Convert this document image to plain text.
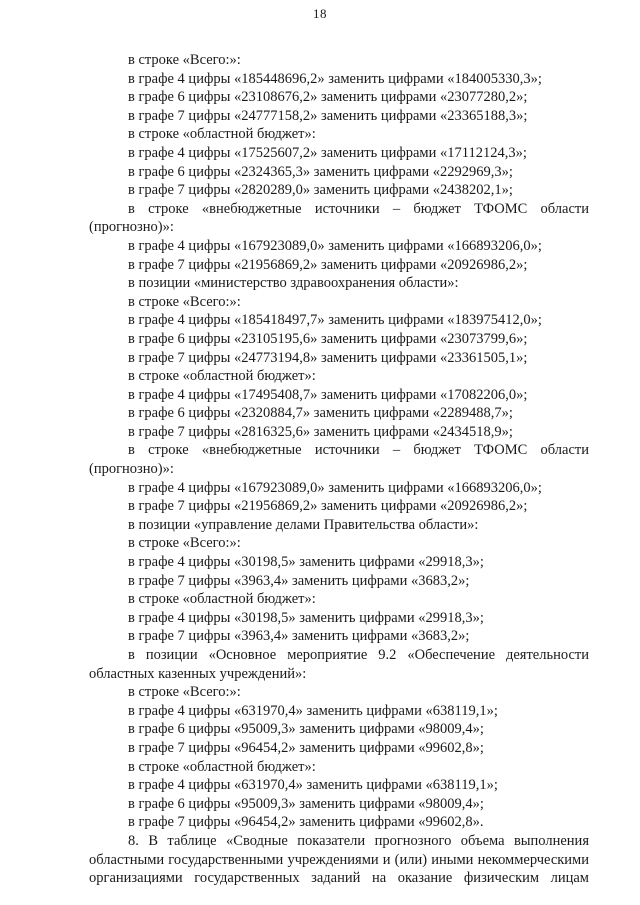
18
в строке «Всего:»:
в графе 4 цифры «185448696,2» заменить цифрами «184005330,3»;
в графе 6 цифры «23108676,2» заменить цифрами «23077280,2»;
в графе 7 цифры «24777158,2» заменить цифрами «23365188,3»;
в строке «областной бюджет»:
в графе 4 цифры «17525607,2» заменить цифрами «17112124,3»;
в графе 6 цифры «2324365,3» заменить цифрами «2292969,3»;
в графе 7 цифры «2820289,0» заменить цифрами «2438202,1»;
в строке «внебюджетные источники – бюджет ТФОМС области
(прогнозно)»:
в графе 4 цифры «167923089,0» заменить цифрами «166893206,0»;
в графе 7 цифры «21956869,2» заменить цифрами «20926986,2»;
в позиции «министерство здравоохранения области»:
в строке «Всего:»:
в графе 4 цифры «185418497,7» заменить цифрами «183975412,0»;
в графе 6 цифры «23105195,6» заменить цифрами «23073799,6»;
в графе 7 цифры «24773194,8» заменить цифрами «23361505,1»;
в строке «областной бюджет»:
в графе 4 цифры «17495408,7» заменить цифрами «17082206,0»;
в графе 6 цифры «2320884,7» заменить цифрами «2289488,7»;
в графе 7 цифры «2816325,6» заменить цифрами «2434518,9»;
в строке «внебюджетные источники – бюджет ТФОМС области
(прогнозно)»:
в графе 4 цифры «167923089,0» заменить цифрами «166893206,0»;
в графе 7 цифры «21956869,2» заменить цифрами «20926986,2»;
в позиции «управление делами Правительства области»:
в строке «Всего:»:
в графе 4 цифры «30198,5» заменить цифрами «29918,3»;
в графе 7 цифры «3963,4» заменить цифрами «3683,2»;
в строке «областной бюджет»:
в графе 4 цифры «30198,5» заменить цифрами «29918,3»;
в графе 7 цифры «3963,4» заменить цифрами «3683,2»;
в позиции «Основное мероприятие 9.2 «Обеспечение деятельности
областных казенных учреждений»:
в строке «Всего:»:
в графе 4 цифры «631970,4» заменить цифрами «638119,1»;
в графе 6 цифры «95009,3» заменить цифрами «98009,4»;
в графе 7 цифры «96454,2» заменить цифрами «99602,8»;
в строке «областной бюджет»:
в графе 4 цифры «631970,4» заменить цифрами «638119,1»;
в графе 6 цифры «95009,3» заменить цифрами «98009,4»;
в графе 7 цифры «96454,2» заменить цифрами «99602,8».
8. В таблице «Сводные показатели прогнозного объема выполнения
областными государственными учреждениями и (или) иными некоммерческими
организациями государственных заданий на оказание физическим лицам
